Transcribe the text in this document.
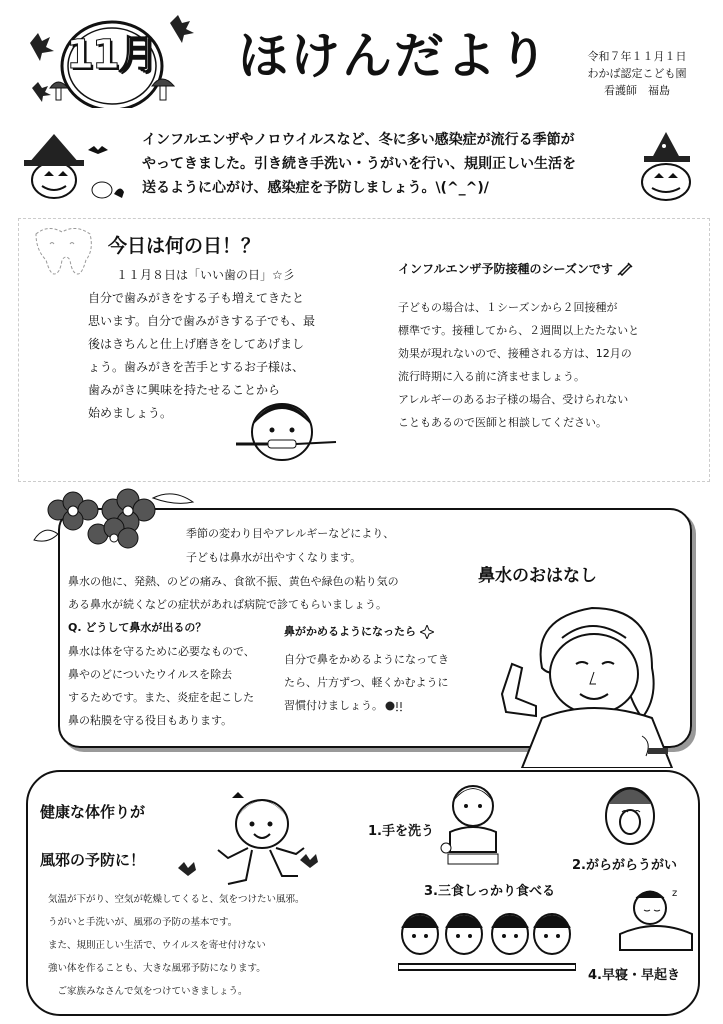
11月 ほけんだより	令和７年１１月１日
わかば認定こども園
看護師　福島

インフルエンザやノロウイルスなど、冬に多い感染症が流行る季節が

やってきました。引き続き手洗い・うがいを行い、規則正しい生活を

送るように心がけ、感染症を予防しましょう。\(^_^)/

今日は何の日！？

１１月８日は「いい歯の日」☆彡

自分で歯みがきをする子も増えてきたと

思います。自分で歯みがきする子でも、最

後はきちんと仕上げ磨きをしてあげまし

ょう。歯みがきを苦手とするお子様は、

歯みがきに興味を持たせることから

始めましょう。

インフルエンザ予防接種のシーズンです

子どもの場合は、１シーズンから２回接種が

標準です。接種してから、２週間以上たたないと

効果が現れないので、接種される方は、12月の

流行時期に入る前に済ませましょう。

アレルギーのあるお子様の場合、受けられない

こともあるので医師と相談してください。

季節の変わり目やアレルギーなどにより、

子どもは鼻水が出やすくなります。

鼻水のおはなし

鼻水の他に、発熱、のどの痛み、食欲不振、黄色や緑色の粘り気の

ある鼻水が続くなどの症状があれば病院で診てもらいましょう。

Q. どうして鼻水が出るの？

鼻水は体を守るために必要なもので、

鼻やのどについたウイルスを除去

するためです。また、炎症を起こした

鼻の粘膜を守る役目もあります。

鼻がかめるようになったら

自分で鼻をかめるようになってき

たら、片方ずつ、軽くかむように

習慣付けましょう。

健康な体作りが
風邪の予防に！

気温が下がり、空気が乾燥してくると、気をつけたい風邪。

うがいと手洗いが、風邪の予防の基本です。

また、規則正しい生活で、ウイルスを寄せ付けない

強い体を作ることも、大きな風邪予防になります。

　ご家族みなさんで気をつけていきましょう。

1.手を洗う
2.がらがらうがい
3.三食しっかり食べる	z
4.早寝・早起き
